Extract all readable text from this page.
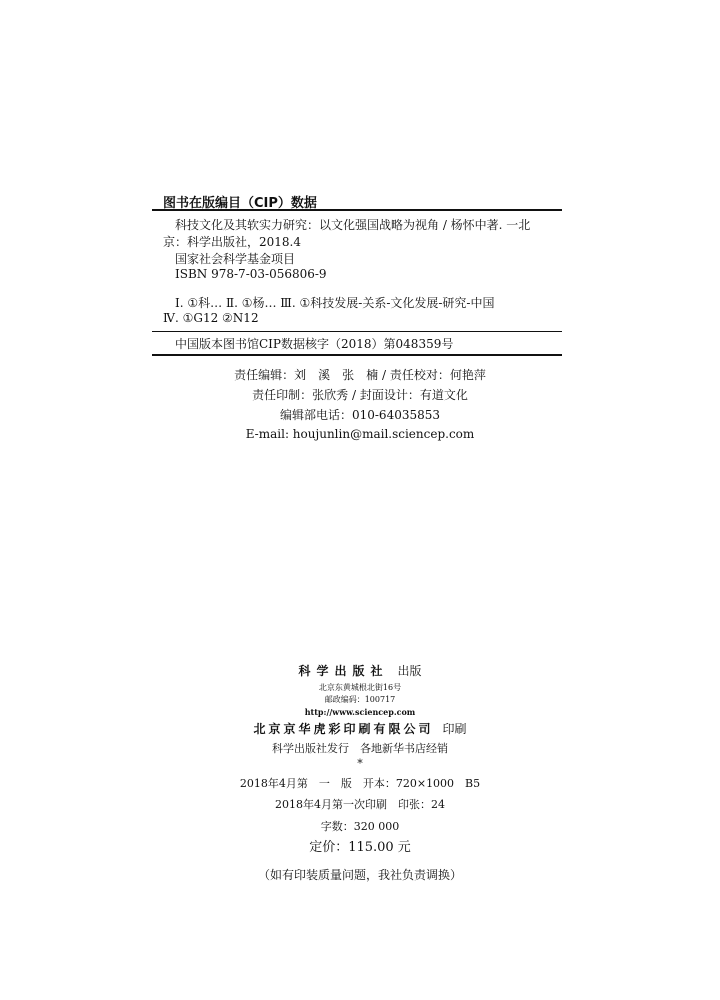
图书在版编目（CIP）数据
科技文化及其软实力研究：以文化强国战略为视角 / 杨怀中著. 一北
京：科学出版社，2018.4
国家社会科学基金项目
ISBN 978-7-03-056806-9
Ⅰ. ①科… Ⅱ. ①杨… Ⅲ. ①科技发展-关系-文化发展-研究-中国
Ⅳ. ①G12 ②N12
中国版本图书馆CIP数据核字（2018）第048359号
责任编辑：刘　溪　张　楠 / 责任校对：何艳萍
责任印制：张欣秀 / 封面设计：有道文化
编辑部电话：010-64035853
E-mail: houjunlin@mail.sciencep.com
科学出版社 出版
北京东黄城根北街16号
邮政编码：100717
http://www.sciencep.com
北京京华虎彩印刷有限公司 印刷
科学出版社发行　各地新华书店经销
*
2018年4月第　一　版　开本：720×1000　B5
2018年4月第一次印刷　印张：24
字数：320 000
定价：115.00 元
（如有印装质量问题，我社负责调换）
